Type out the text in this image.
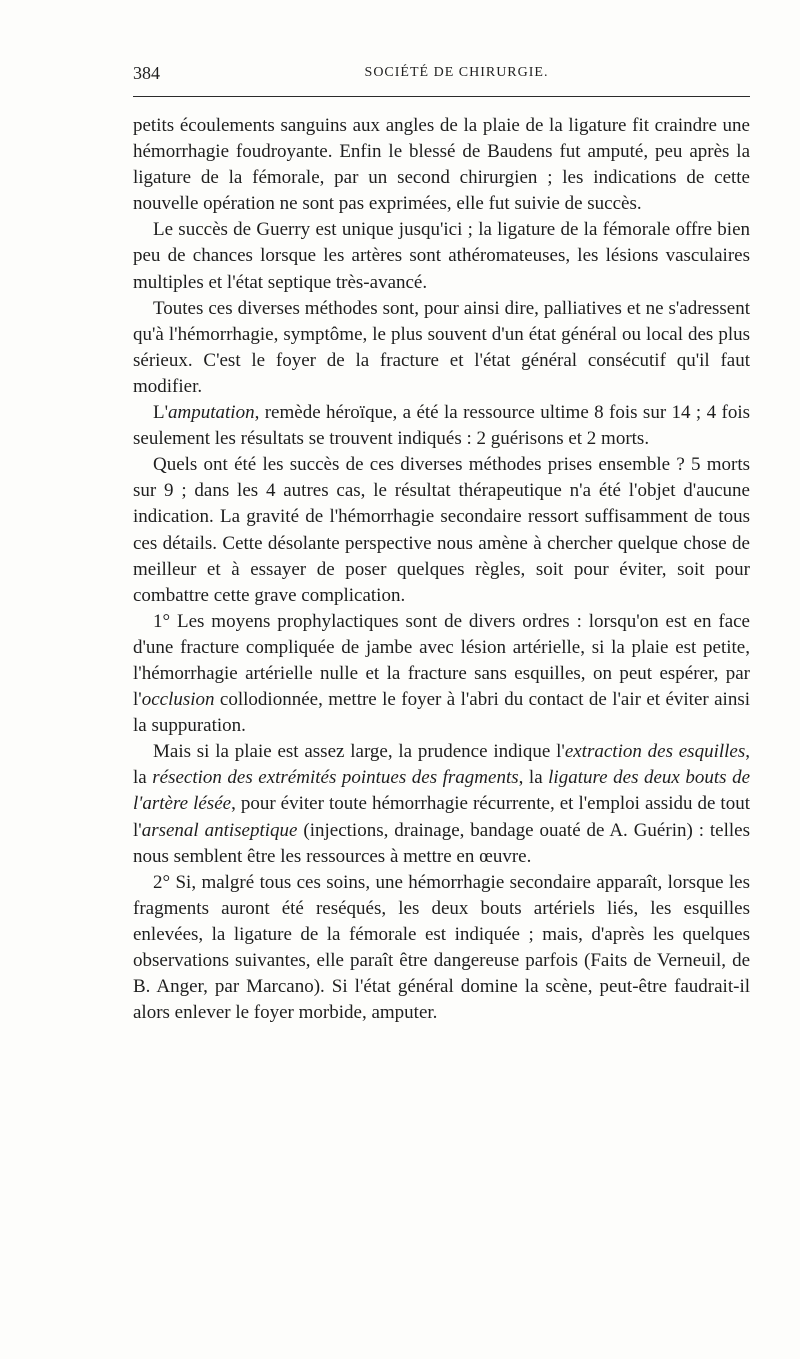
384	SOCIÉTÉ DE CHIRURGIE.

petits écoulements sanguins aux angles de la plaie de la ligature fit craindre une hémorrhagie foudroyante. Enfin le blessé de Baudens fut amputé, peu après la ligature de la fémorale, par un second chirurgien ; les indications de cette nouvelle opération ne sont pas exprimées, elle fut suivie de succès.

Le succès de Guerry est unique jusqu'ici ; la ligature de la fémorale offre bien peu de chances lorsque les artères sont athéromateuses, les lésions vasculaires multiples et l'état septique très-avancé.

Toutes ces diverses méthodes sont, pour ainsi dire, palliatives et ne s'adressent qu'à l'hémorrhagie, symptôme, le plus souvent d'un état général ou local des plus sérieux. C'est le foyer de la fracture et l'état général consécutif qu'il faut modifier.

L'amputation, remède héroïque, a été la ressource ultime 8 fois sur 14 ; 4 fois seulement les résultats se trouvent indiqués : 2 guérisons et 2 morts.

Quels ont été les succès de ces diverses méthodes prises ensemble ? 5 morts sur 9 ; dans les 4 autres cas, le résultat thérapeutique n'a été l'objet d'aucune indication. La gravité de l'hémorrhagie secondaire ressort suffisamment de tous ces détails. Cette désolante perspective nous amène à chercher quelque chose de meilleur et à essayer de poser quelques règles, soit pour éviter, soit pour combattre cette grave complication.

1° Les moyens prophylactiques sont de divers ordres : lorsqu'on est en face d'une fracture compliquée de jambe avec lésion artérielle, si la plaie est petite, l'hémorrhagie artérielle nulle et la fracture sans esquilles, on peut espérer, par l'occlusion collodionnée, mettre le foyer à l'abri du contact de l'air et éviter ainsi la suppuration.

Mais si la plaie est assez large, la prudence indique l'extraction des esquilles, la résection des extrémités pointues des fragments, la ligature des deux bouts de l'artère lésée, pour éviter toute hémorrhagie récurrente, et l'emploi assidu de tout l'arsenal antiseptique (injections, drainage, bandage ouaté de A. Guérin) : telles nous semblent être les ressources à mettre en œuvre.

2° Si, malgré tous ces soins, une hémorrhagie secondaire apparaît, lorsque les fragments auront été reséqués, les deux bouts artériels liés, les esquilles enlevées, la ligature de la fémorale est indiquée ; mais, d'après les quelques observations suivantes, elle paraît être dangereuse parfois (Faits de Verneuil, de B. Anger, par Marcano). Si l'état général domine la scène, peut-être faudrait-il alors enlever le foyer morbide, amputer.
